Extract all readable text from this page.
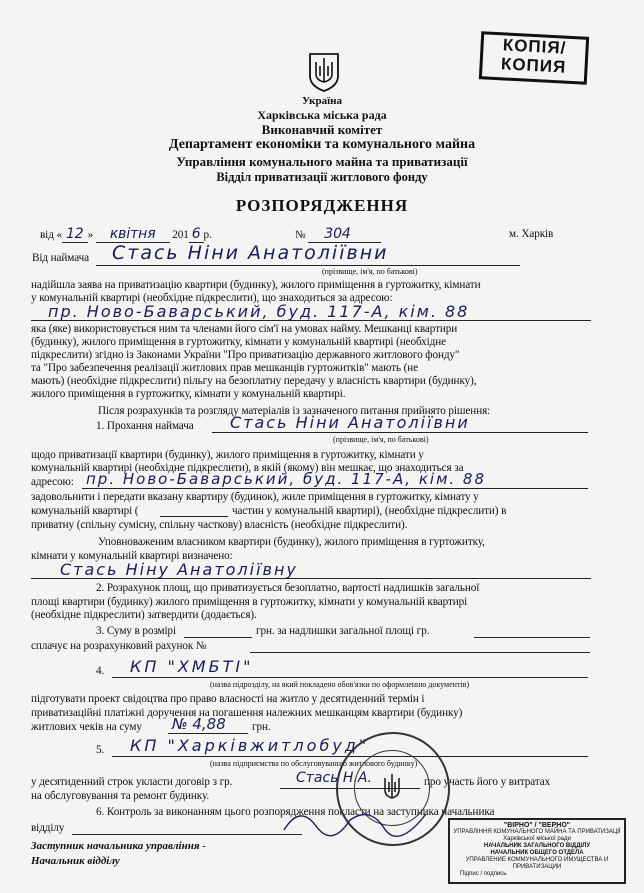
КОПІЯ/
КОПИЯ
Україна
Харківська міська рада
Виконавчий комітет
Департамент економіки та комунального майна
Управління комунального майна та приватизації
Відділ приватизації житлового фонду
РОЗПОРЯДЖЕННЯ
від « 12 » квітня 201 6 р.	№ 304	м. Харків
Від наймача Стась Ніни Анатоліївни
(прізвище, ім'я, по батькові)
надійшла заява на приватизацію квартири (будинку), жилого приміщення в гуртожитку, кімнати
у комунальній квартирі (необхідне підкреслити), що знаходиться за адресою:
пр. Ново-Баварський, буд. 117-А, кім. 88
яка (яке) використовується ним та членами його сім'ї на умовах найму. Мешканці квартири
(будинку), жилого приміщення в гуртожитку, кімнати у комунальній квартирі (необхідне
підкреслити) згідно із Законами України "Про приватизацію державного житлового фонду"
та "Про забезпечення реалізації житлових прав мешканців гуртожитків" мають (не
мають) (необхідне підкреслити) пільгу на безоплатну передачу у власність квартири (будинку),
жилого приміщення в гуртожитку, кімнати у комунальній квартирі.
Після розрахунків та розгляду матеріалів із зазначеного питання прийнято рішення:
1. Прохання наймача Стась Ніни Анатоліївни
(прізвище, ім'я, по батькові)
щодо приватизації квартири (будинку), жилого приміщення в гуртожитку, кімнати у
комунальній квартирі (необхідне підкреслити), в якій (якому) він мешкає, що знаходиться за
адресою: пр. Ново-Баварський, буд. 117-А, кім. 88
задовольнити і передати вказану квартиру (будинок), жиле приміщення в гуртожитку, кімнату у
комунальній квартирі (	частин у комунальній квартирі), (необхідне підкреслити) в
приватну (спільну сумісну, спільну часткову) власність (необхідне підкреслити).
Уповноваженим власником квартири (будинку), жилого приміщення в гуртожитку,
кімнати у комунальній квартирі визначено:
Стась Ніну Анатоліївну
2. Розрахунок площ, що приватизується безоплатно, вартості надлишків загальної
площі квартири (будинку) жилого приміщення в гуртожитку, кімнати у комунальній квартирі
(необхідне підкреслити) затвердити (додається).
3. Суму в розмірі	грн. за надлишки загальної площі гр.
сплачує на розрахунковий рахунок №
4. КП "ХМБТІ"
(назва підрозділу, на який покладено обов'язки по оформленню документів)
підготувати проект свідоцтва про право власності на житло у десятиденний термін і
приватизаційні платіжні доручення на погашення належних мешканцям квартири (будинку)
житлових чеків на суму № 4,88 грн.
5. КП "Харківжитлобуд"
(назва підприємства по обслуговуванню житлового будинку)
у десятиденний строк укласти договір з гр.	Стась Н.А.	про участь його у витратах
на обслуговування та ремонт будинку.
6. Контроль за виконанням цього розпорядження покласти на заступника начальника
відділу
Заступник начальника управління -
Начальник відділу
"ВІРНО" / "ВЕРНО"
УПРАВЛІННЯ КОМУНАЛЬНОГО МАЙНА ТА ПРИВАТИЗАЦІЇ
Харківської міської ради
НАЧАЛЬНИК ЗАГАЛЬНОГО ВІДДІЛУ
НАЧАЛЬНИК ОБЩЕГО ОТДЕЛА
УПРАВЛЕНИЕ КОММУНАЛЬНОГО ИМУЩЕСТВА И ПРИВАТИЗАЦИИ
Підпис / подпись
